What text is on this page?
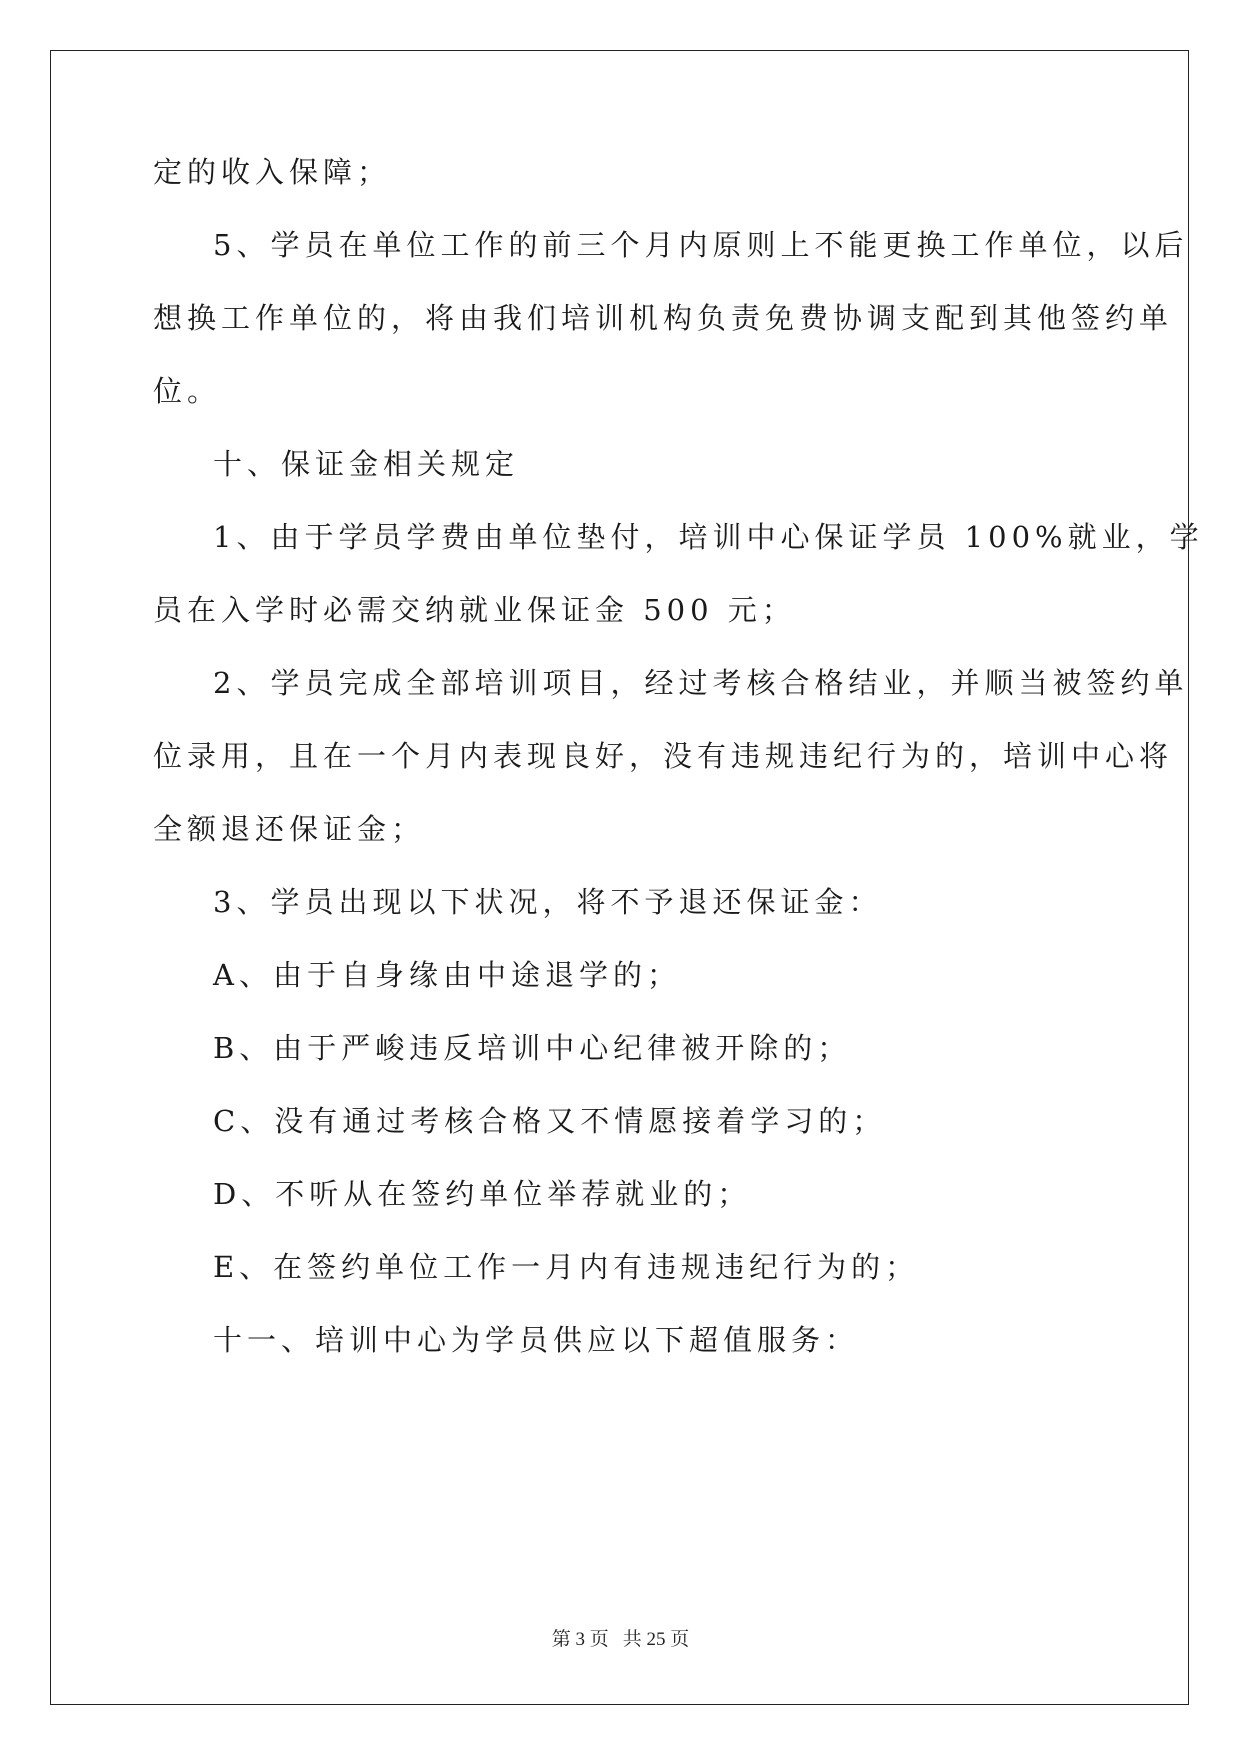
定的收入保障；
5、学员在单位工作的前三个月内原则上不能更换工作单位，以后
想换工作单位的，将由我们培训机构负责免费协调支配到其他签约单
位。
十、保证金相关规定
1、由于学员学费由单位垫付，培训中心保证学员 100%就业，学
员在入学时必需交纳就业保证金 500 元；
2、学员完成全部培训项目，经过考核合格结业，并顺当被签约单
位录用，且在一个月内表现良好，没有违规违纪行为的，培训中心将
全额退还保证金；
3、学员出现以下状况，将不予退还保证金：
A、由于自身缘由中途退学的；
B、由于严峻违反培训中心纪律被开除的；
C、没有通过考核合格又不情愿接着学习的；
D、不听从在签约单位举荐就业的；
E、在签约单位工作一月内有违规违纪行为的；
十一、培训中心为学员供应以下超值服务：
第 3 页 共 25 页
